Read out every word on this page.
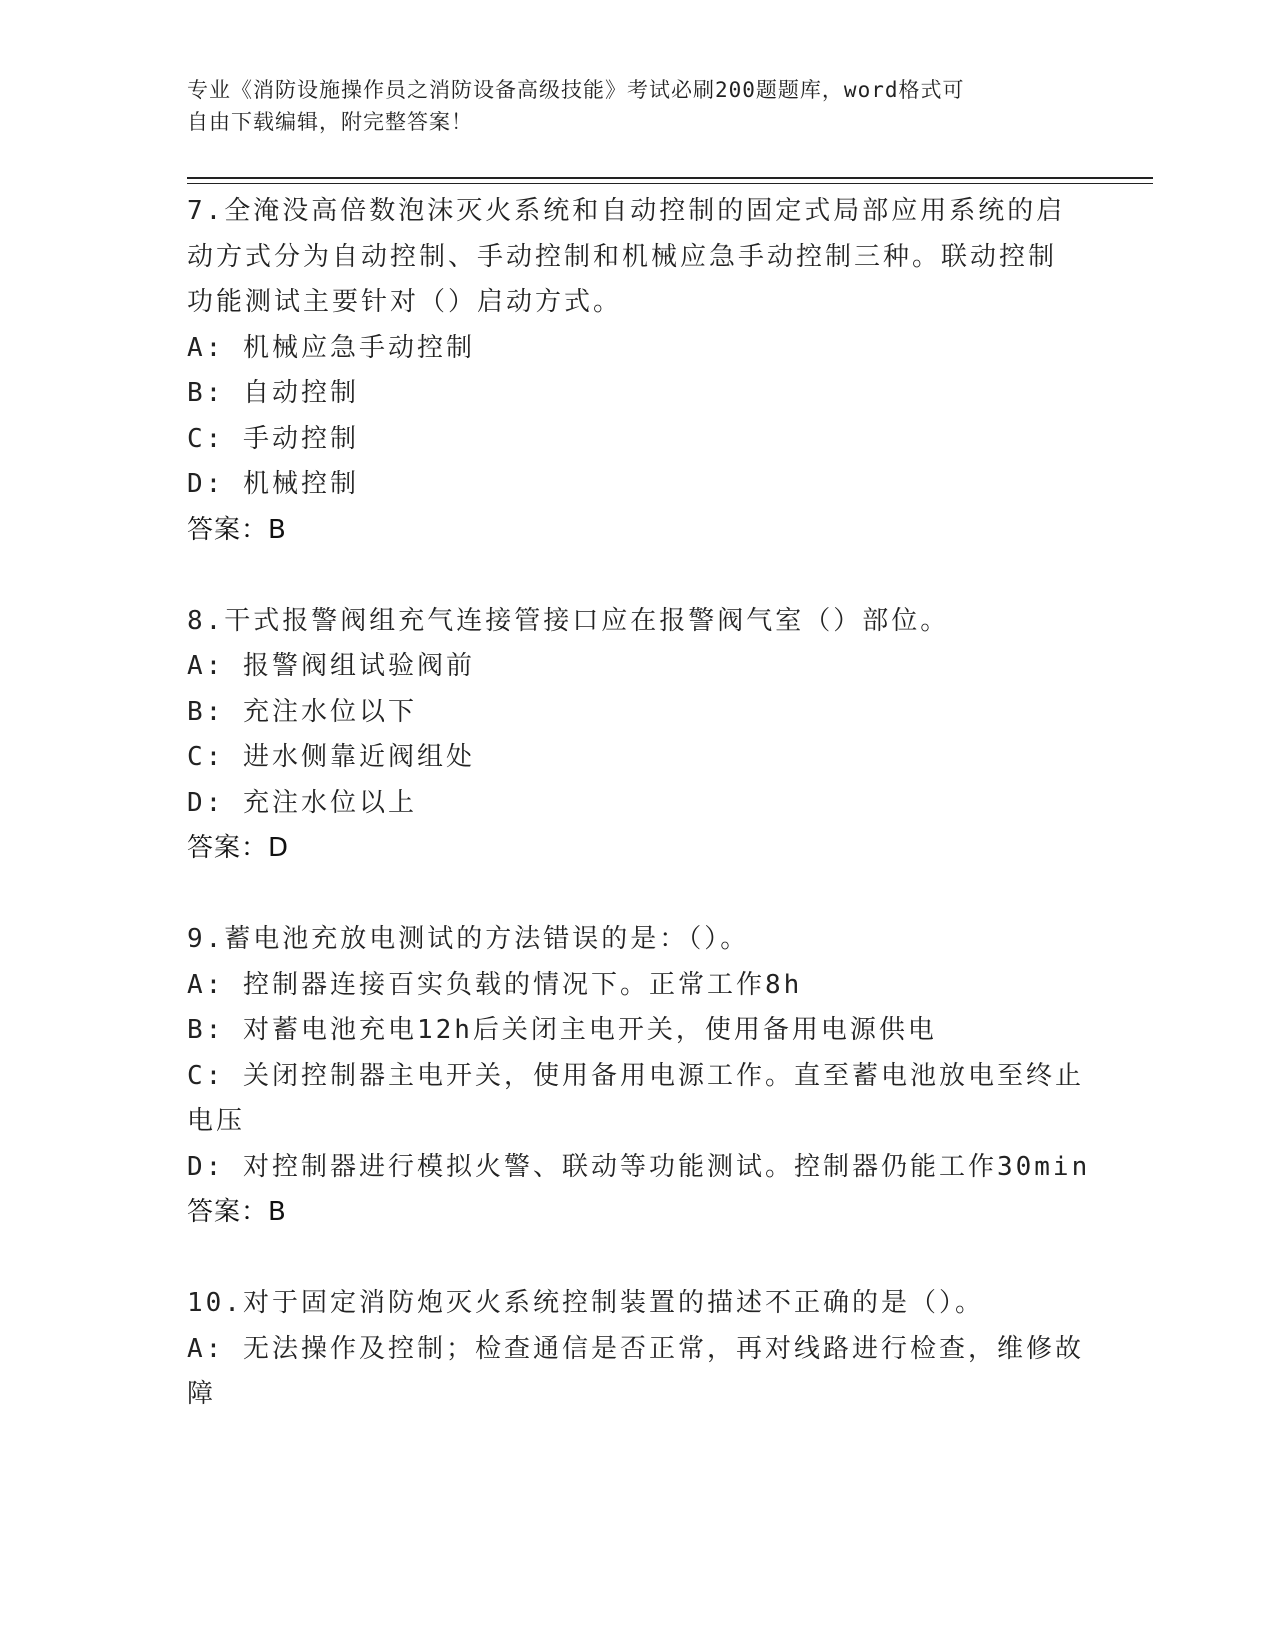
专业《消防设施操作员之消防设备高级技能》考试必刷200题题库，word格式可
自由下载编辑，附完整答案！
7.全淹没高倍数泡沫灭火系统和自动控制的固定式局部应用系统的启
动方式分为自动控制、手动控制和机械应急手动控制三种。联动控制
功能测试主要针对（）启动方式。
A: 机械应急手动控制
B: 自动控制
C: 手动控制
D: 机械控制
答案：B
8.干式报警阀组充气连接管接口应在报警阀气室（）部位。
A: 报警阀组试验阀前
B: 充注水位以下
C: 进水侧靠近阀组处
D: 充注水位以上
答案：D
9.蓄电池充放电测试的方法错误的是：（）。
A: 控制器连接百实负载的情况下。正常工作8h
B: 对蓄电池充电12h后关闭主电开关，使用备用电源供电
C: 关闭控制器主电开关，使用备用电源工作。直至蓄电池放电至终止
电压
D: 对控制器进行模拟火警、联动等功能测试。控制器仍能工作30min
答案：B
10.对于固定消防炮灭火系统控制装置的描述不正确的是（）。
A: 无法操作及控制；检查通信是否正常，再对线路进行检查，维修故
障
